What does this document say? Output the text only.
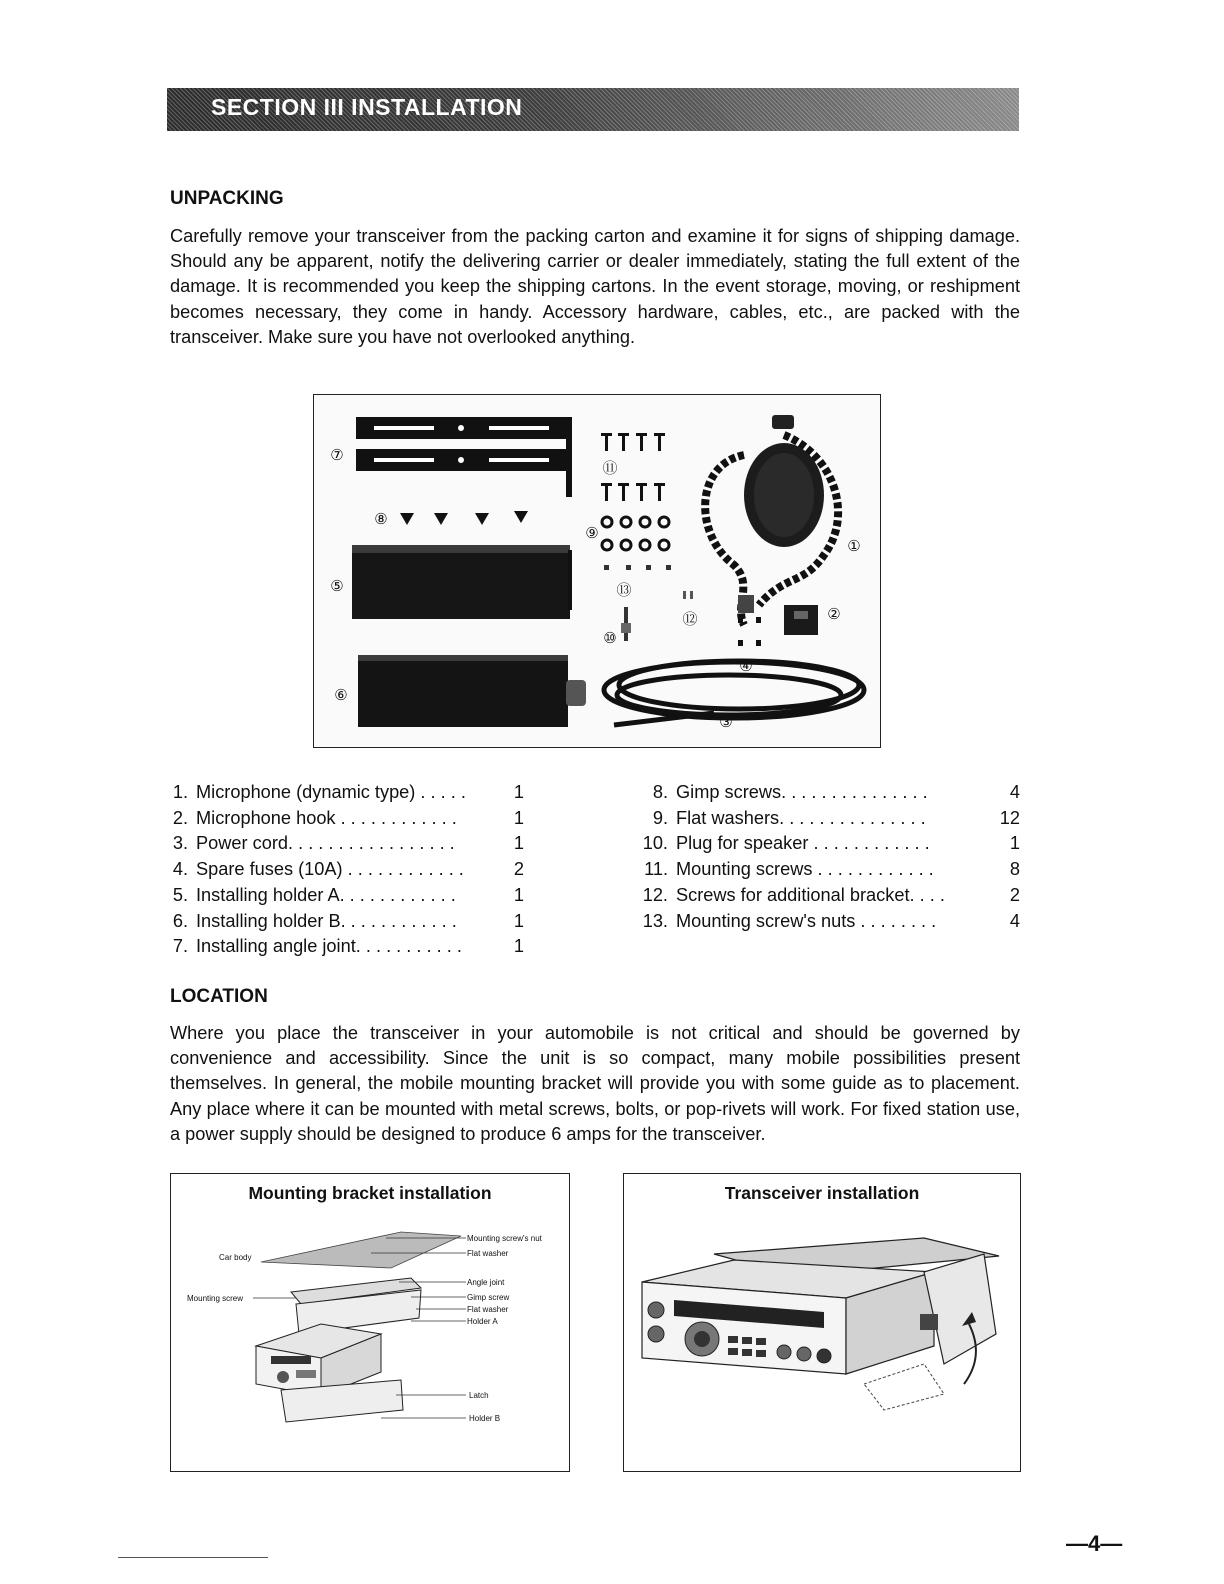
SECTION III INSTALLATION
UNPACKING

Carefully remove your transceiver from the packing carton and examine it for signs of shipping damage. Should any be apparent, notify the delivering carrier or dealer immediately, stating the full extent of the damage. It is recommended you keep the shipping cartons. In the event storage, moving, or reshipment becomes necessary, they come in handy. Accessory hardware, cables, etc., are packed with the transceiver. Make sure you have not overlooked anything.

③
②
①
④
⑤
⑥
⑦
⑧
⑨
⑩
⑪
⑫
⑬
1. Microphone (dynamic type) . . . . .	1
2. Microphone hook . . . . . . . . . . . .	1
3. Power cord. . . . . . . . . . . . . . . . .	1
4. Spare fuses (10A) . . . . . . . . . . . .	2
5. Installing holder A. . . . . . . . . . . .	1
6. Installing holder B. . . . . . . . . . . .	1
7. Installing angle joint. . . . . . . . . . .	1
8. Gimp screws. . . . . . . . . . . . . . .	4
9. Flat washers. . . . . . . . . . . . . . .	12
10. Plug for speaker . . . . . . . . . . . .	1
11. Mounting screws . . . . . . . . . . . .	8
12. Screws for additional bracket. . . .	2
13. Mounting screw's nuts . . . . . . . .	4
LOCATION

Where you place the transceiver in your automobile is not critical and should be governed by convenience and accessibility. Since the unit is so compact, many mobile possibilities present themselves. In general, the mobile mounting bracket will provide you with some guide as to placement. Any place where it can be mounted with metal screws, bolts, or pop-rivets will work. For fixed station use, a power supply should be designed to produce 6 amps for the transceiver.

Mounting bracket installation
Car body
Mounting screw
Mounting screw's nut
Flat washer
Angle joint
Gimp screw
Flat washer
Holder A
Latch
Holder B
Transceiver installation
—4—
